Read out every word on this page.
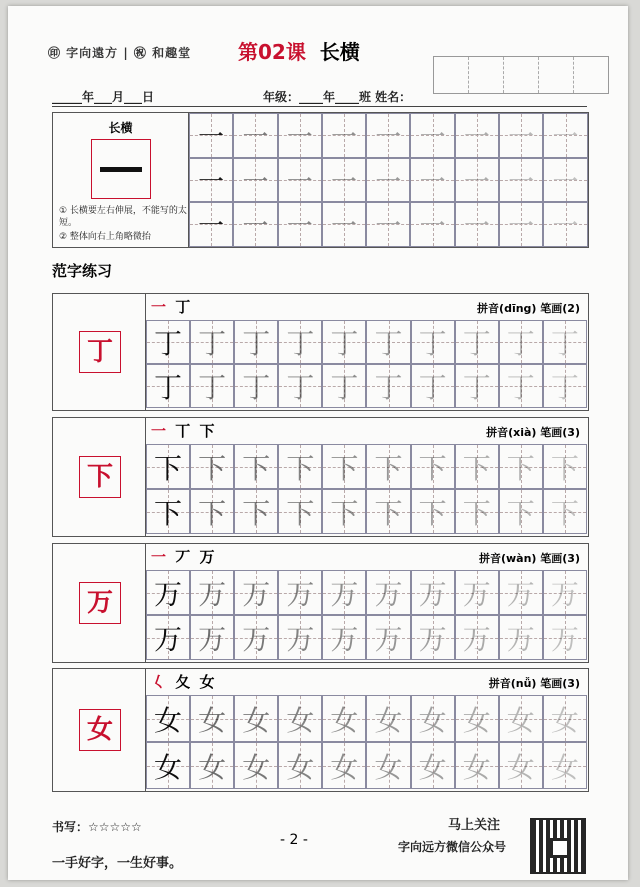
㊞ 字向遠方 | ㊗ 和趣堂 第02课 长横
_____年___月___日	年级：____年____班 姓名：
长横
① 长横要左右伸展，不能写的太短。
② 整体向右上角略微抬
一 一 一 一 一 一 一 一 一
一 一 一 一 一 一 一 一 一
一 一 一 一 一 一 一 一 一
范字练习
丁
一 丁	拼音(dīng) 笔画(2)
丁 丁 丁 丁 丁 丁 丁 丁 丁 丁
丁 丁 丁 丁 丁 丁 丁 丁 丁 丁
下
一 丅 下	拼音(xià) 笔画(3)
下 下 下 下 下 下 下 下 下 下
下 下 下 下 下 下 下 下 下 下
万
一 丆 万	拼音(wàn) 笔画(3)
万 万 万 万 万 万 万 万 万 万
万 万 万 万 万 万 万 万 万 万
女
𡿨 夂 女	拼音(nǚ) 笔画(3)
女 女 女 女 女 女 女 女 女 女
女 女 女 女 女 女 女 女 女 女
书写：☆☆☆☆☆
一手好字，一生好事。
- 2 -
马上关注
字向远方微信公众号
